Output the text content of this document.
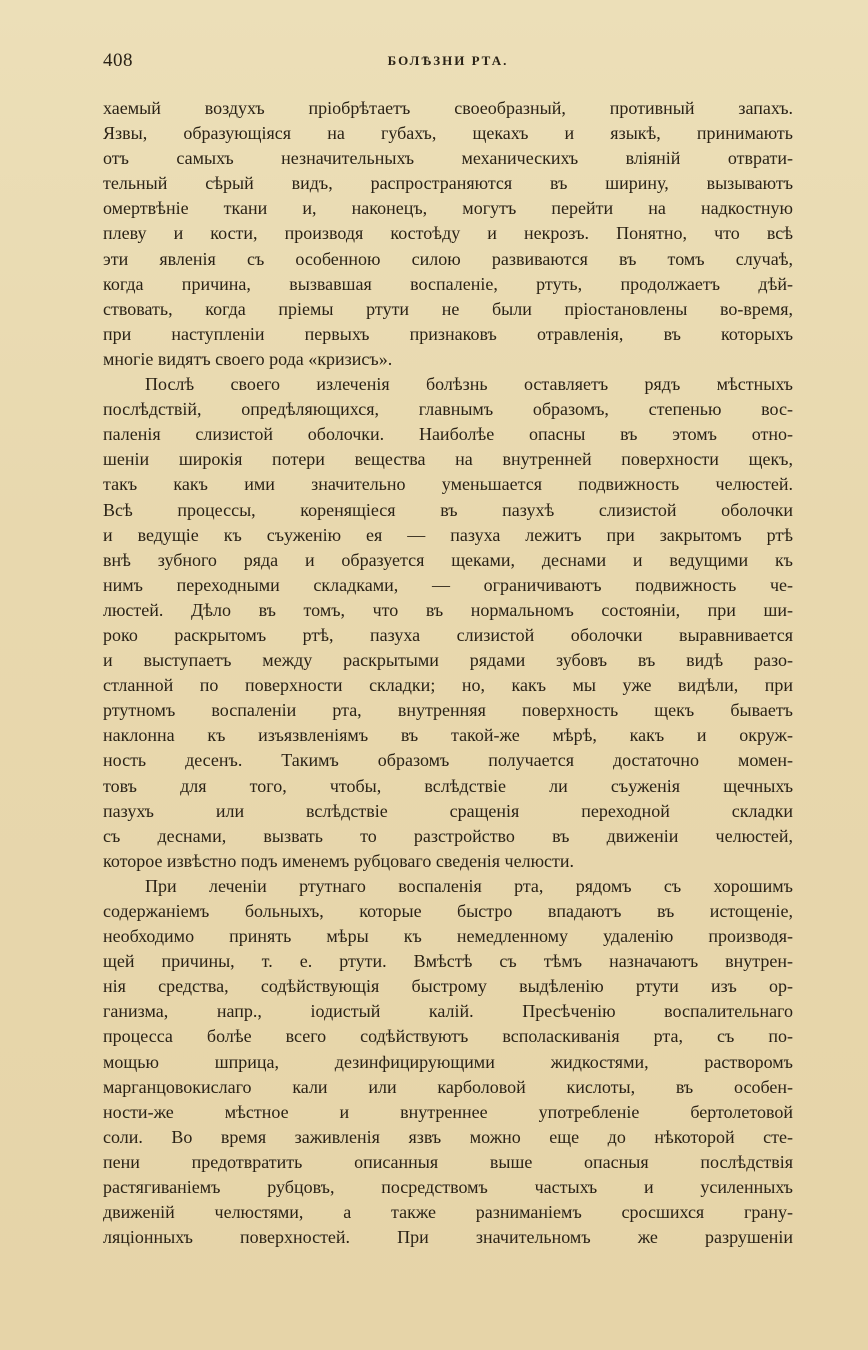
408	БОЛѢЗНИ РТА.
хаемый воздухъ пріобрѣтаетъ своеобразный, противный запахъ.
Язвы, образующіяся на губахъ, щекахъ и языкѣ, принимають
отъ самыхъ незначительныхъ механическихъ вліяній отврати-
тельный сѣрый видъ, распространяются въ ширину, вызываютъ
омертвѣніе ткани и, наконецъ, могутъ перейти на надкостную
плеву и кости, производя костоѣду и некрозъ. Понятно, что всѣ
эти явленія съ особенною силою развиваются въ томъ случаѣ,
когда причина, вызвавшая воспаленіе, ртуть, продолжаетъ дѣй-
ствовать, когда пріемы ртути не были пріостановлены во-время,
при наступленіи первыхъ признаковъ отравленія, въ которыхъ
многіе видятъ своего рода «кризисъ».
Послѣ своего излеченія болѣзнь оставляетъ рядъ мѣстныхъ
послѣдствій, опредѣляющихся, главнымъ образомъ, степенью вос-
паленія слизистой оболочки. Наиболѣе опасны въ этомъ отно-
шеніи широкія потери вещества на внутренней поверхности щекъ,
такъ какъ ими значительно уменьшается подвижность челюстей.
Всѣ процессы, коренящіеся въ пазухѣ слизистой оболочки
и ведущіе къ съуженію ея — пазуха лежитъ при закрытомъ ртѣ
внѣ зубного ряда и образуется щеками, деснами и ведущими къ
нимъ переходными складками, — ограничиваютъ подвижность че-
люстей. Дѣло въ томъ, что въ нормальномъ состояніи, при ши-
роко раскрытомъ ртѣ, пазуха слизистой оболочки выравнивается
и выступаетъ между раскрытыми рядами зубовъ въ видѣ разо-
стланной по поверхности складки; но, какъ мы уже видѣли, при
ртутномъ воспаленіи рта, внутренняя поверхность щекъ бываетъ
наклонна къ изъязвленіямъ въ такой-же мѣрѣ, какъ и окруж-
ность десенъ. Такимъ образомъ получается достаточно момен-
товъ для того, чтобы, вслѣдствіе ли съуженія щечныхъ
пазухъ или вслѣдствіе сращенія переходной складки
съ деснами, вызвать то разстройство въ движеніи челюстей,
которое извѣстно подъ именемъ рубцоваго сведенія челюсти.
При леченіи ртутнаго воспаленія рта, рядомъ съ хорошимъ
содержаніемъ больныхъ, которые быстро впадаютъ въ истощеніе,
необходимо принять мѣры къ немедленному удаленію производя-
щей причины, т. е. ртути. Вмѣстѣ съ тѣмъ назначаютъ внутрен-
нія средства, содѣйствующія быстрому выдѣленію ртути изъ ор-
ганизма, напр., іодистый калій. Пресѣченію воспалительнаго
процесса болѣе всего содѣйствуютъ всполаскиванія рта, съ по-
мощью шприца, дезинфицирующими жидкостями, растворомъ
марганцовокислаго кали или карболовой кислоты, въ особен-
ности-же мѣстное и внутреннее употребленіе бертолетовой
соли. Во время заживленія язвъ можно еще до нѣкоторой сте-
пени предотвратить описанныя выше опасныя послѣдствія
растягиваніемъ рубцовъ, посредствомъ частыхъ и усиленныхъ
движеній челюстями, а также разниманіемъ сросшихся грану-
ляціонныхъ поверхностей. При значительномъ же разрушеніи
